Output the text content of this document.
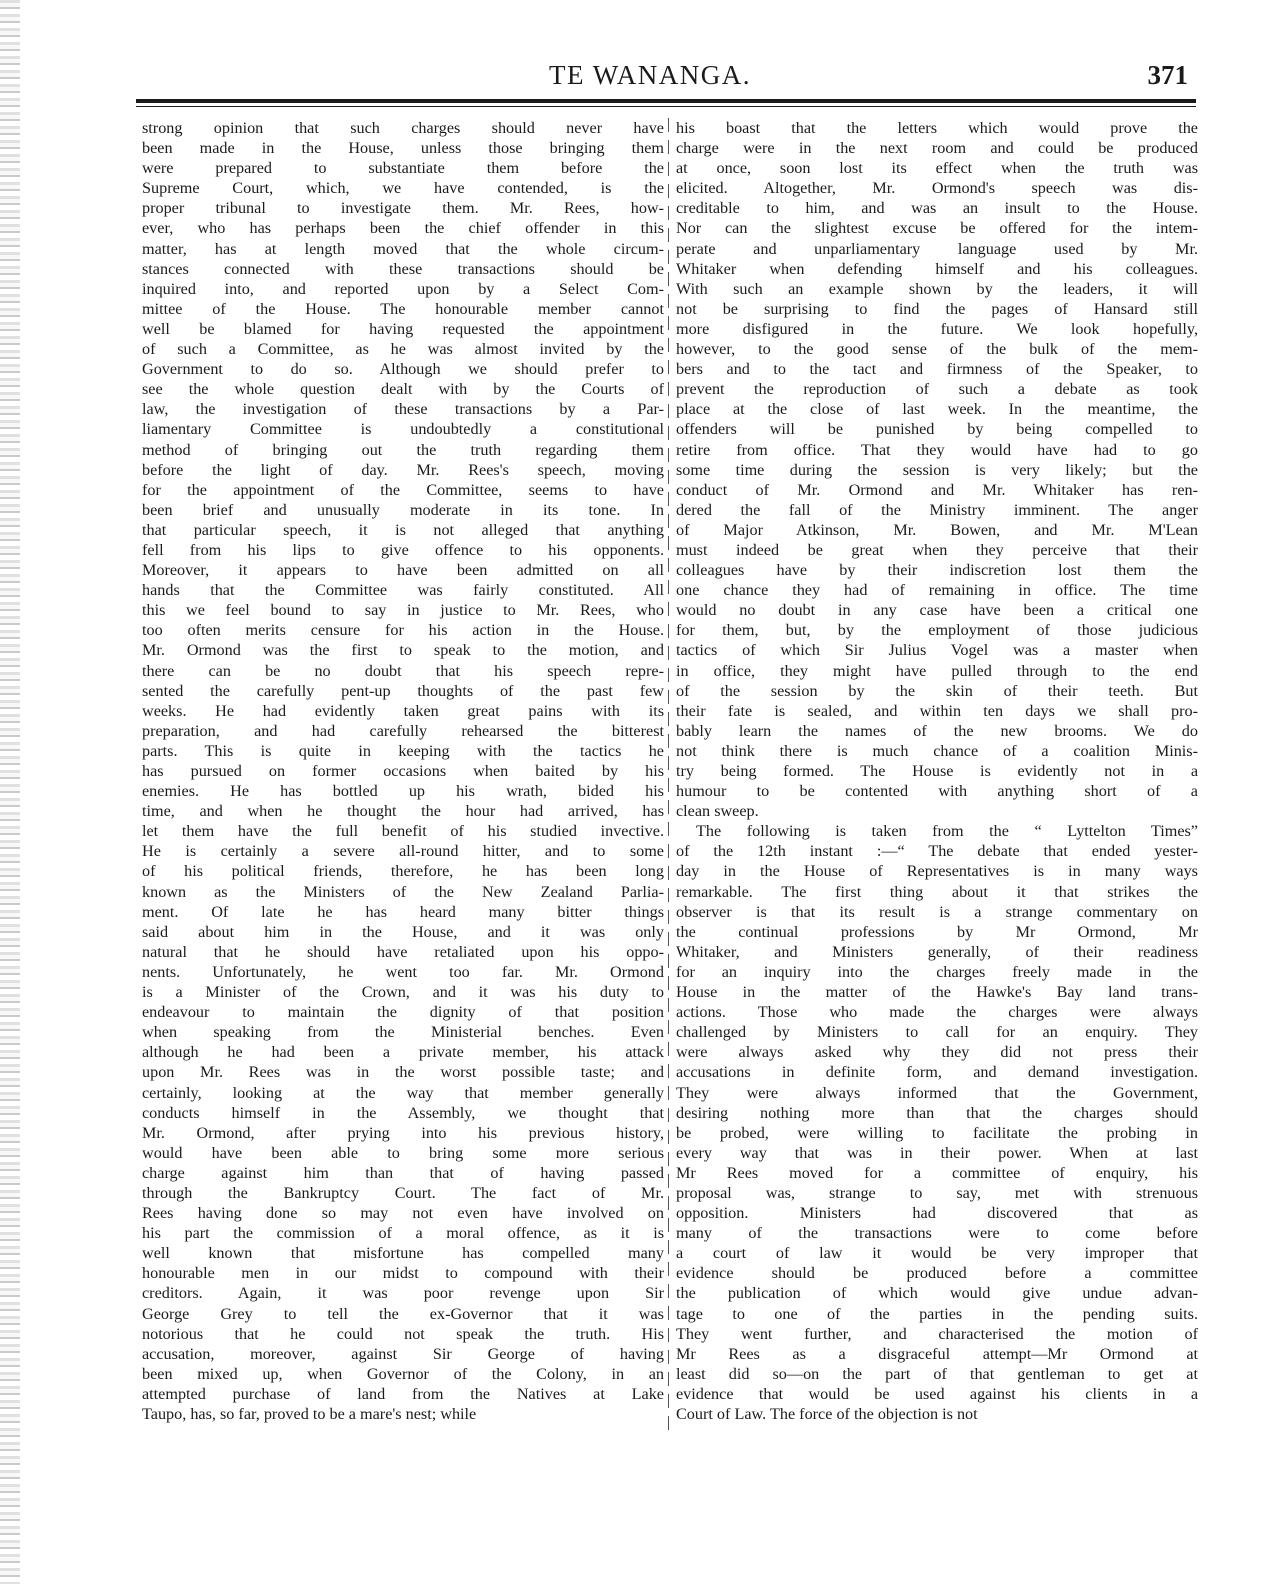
TE WANANGA.	371
strong opinion that such charges should never have
been made in the House, unless those bringing them
were prepared to substantiate them before the
Supreme Court, which, we have contended, is the
proper tribunal to investigate them. Mr. Rees, how-
ever, who has perhaps been the chief offender in this
matter, has at length moved that the whole circum-
stances connected with these transactions should be
inquired into, and reported upon by a Select Com-
mittee of the House. The honourable member cannot
well be blamed for having requested the appointment
of such a Committee, as he was almost invited by the
Government to do so. Although we should prefer to
see the whole question dealt with by the Courts of
law, the investigation of these transactions by a Par-
liamentary Committee is undoubtedly a constitutional
method of bringing out the truth regarding them
before the light of day. Mr. Rees's speech, moving
for the appointment of the Committee, seems to have
been brief and unusually moderate in its tone. In
that particular speech, it is not alleged that anything
fell from his lips to give offence to his opponents.
Moreover, it appears to have been admitted on all
hands that the Committee was fairly constituted. All
this we feel bound to say in justice to Mr. Rees, who
too often merits censure for his action in the House.
Mr. Ormond was the first to speak to the motion, and
there can be no doubt that his speech repre-
sented the carefully pent-up thoughts of the past few
weeks. He had evidently taken great pains with its
preparation, and had carefully rehearsed the bitterest
parts. This is quite in keeping with the tactics he
has pursued on former occasions when baited by his
enemies. He has bottled up his wrath, bided his
time, and when he thought the hour had arrived, has
let them have the full benefit of his studied invective.
He is certainly a severe all-round hitter, and to some
of his political friends, therefore, he has been long
known as the Ministers of the New Zealand Parlia-
ment. Of late he has heard many bitter things
said about him in the House, and it was only
natural that he should have retaliated upon his oppo-
nents. Unfortunately, he went too far. Mr. Ormond
is a Minister of the Crown, and it was his duty to
endeavour to maintain the dignity of that position
when speaking from the Ministerial benches. Even
although he had been a private member, his attack
upon Mr. Rees was in the worst possible taste; and
certainly, looking at the way that member generally
conducts himself in the Assembly, we thought that
Mr. Ormond, after prying into his previous history,
would have been able to bring some more serious
charge against him than that of having passed
through the Bankruptcy Court. The fact of Mr.
Rees having done so may not even have involved on
his part the commission of a moral offence, as it is
well known that misfortune has compelled many
honourable men in our midst to compound with their
creditors. Again, it was poor revenge upon Sir
George Grey to tell the ex-Governor that it was
notorious that he could not speak the truth. His
accusation, moreover, against Sir George of having
been mixed up, when Governor of the Colony, in an
attempted purchase of land from the Natives at Lake
Taupo, has, so far, proved to be a mare's nest; while
his boast that the letters which would prove the
charge were in the next room and could be produced
at once, soon lost its effect when the truth was
elicited. Altogether, Mr. Ormond's speech was dis-
creditable to him, and was an insult to the House.
Nor can the slightest excuse be offered for the intem-
perate and unparliamentary language used by Mr.
Whitaker when defending himself and his colleagues.
With such an example shown by the leaders, it will
not be surprising to find the pages of Hansard still
more disfigured in the future. We look hopefully,
however, to the good sense of the bulk of the mem-
bers and to the tact and firmness of the Speaker, to
prevent the reproduction of such a debate as took
place at the close of last week. In the meantime, the
offenders will be punished by being compelled to
retire from office. That they would have had to go
some time during the session is very likely; but the
conduct of Mr. Ormond and Mr. Whitaker has ren-
dered the fall of the Ministry imminent. The anger
of Major Atkinson, Mr. Bowen, and Mr. M'Lean
must indeed be great when they perceive that their
colleagues have by their indiscretion lost them the
one chance they had of remaining in office. The time
would no doubt in any case have been a critical one
for them, but, by the employment of those judicious
tactics of which Sir Julius Vogel was a master when
in office, they might have pulled through to the end
of the session by the skin of their teeth. But
their fate is sealed, and within ten days we shall pro-
bably learn the names of the new brooms. We do
not think there is much chance of a coalition Minis-
try being formed. The House is evidently not in a
humour to be contented with anything short of a
clean sweep.
The following is taken from the “ Lyttelton Times”
of the 12th instant :—“ The debate that ended yester-
day in the House of Representatives is in many ways
remarkable. The first thing about it that strikes the
observer is that its result is a strange commentary on
the continual professions by Mr Ormond, Mr
Whitaker, and Ministers generally, of their readiness
for an inquiry into the charges freely made in the
House in the matter of the Hawke's Bay land trans-
actions. Those who made the charges were always
challenged by Ministers to call for an enquiry. They
were always asked why they did not press their
accusations in definite form, and demand investigation.
They were always informed that the Government,
desiring nothing more than that the charges should
be probed, were willing to facilitate the probing in
every way that was in their power. When at last
Mr Rees moved for a committee of enquiry, his
proposal was, strange to say, met with strenuous
opposition. Ministers had discovered that as
many of the transactions were to come before
a court of law it would be very improper that
evidence should be produced before a committee
the publication of which would give undue advan-
tage to one of the parties in the pending suits.
They went further, and characterised the motion of
Mr Rees as a disgraceful attempt—Mr Ormond at
least did so—on the part of that gentleman to get at
evidence that would be used against his clients in a
Court of Law. The force of the objection is not
